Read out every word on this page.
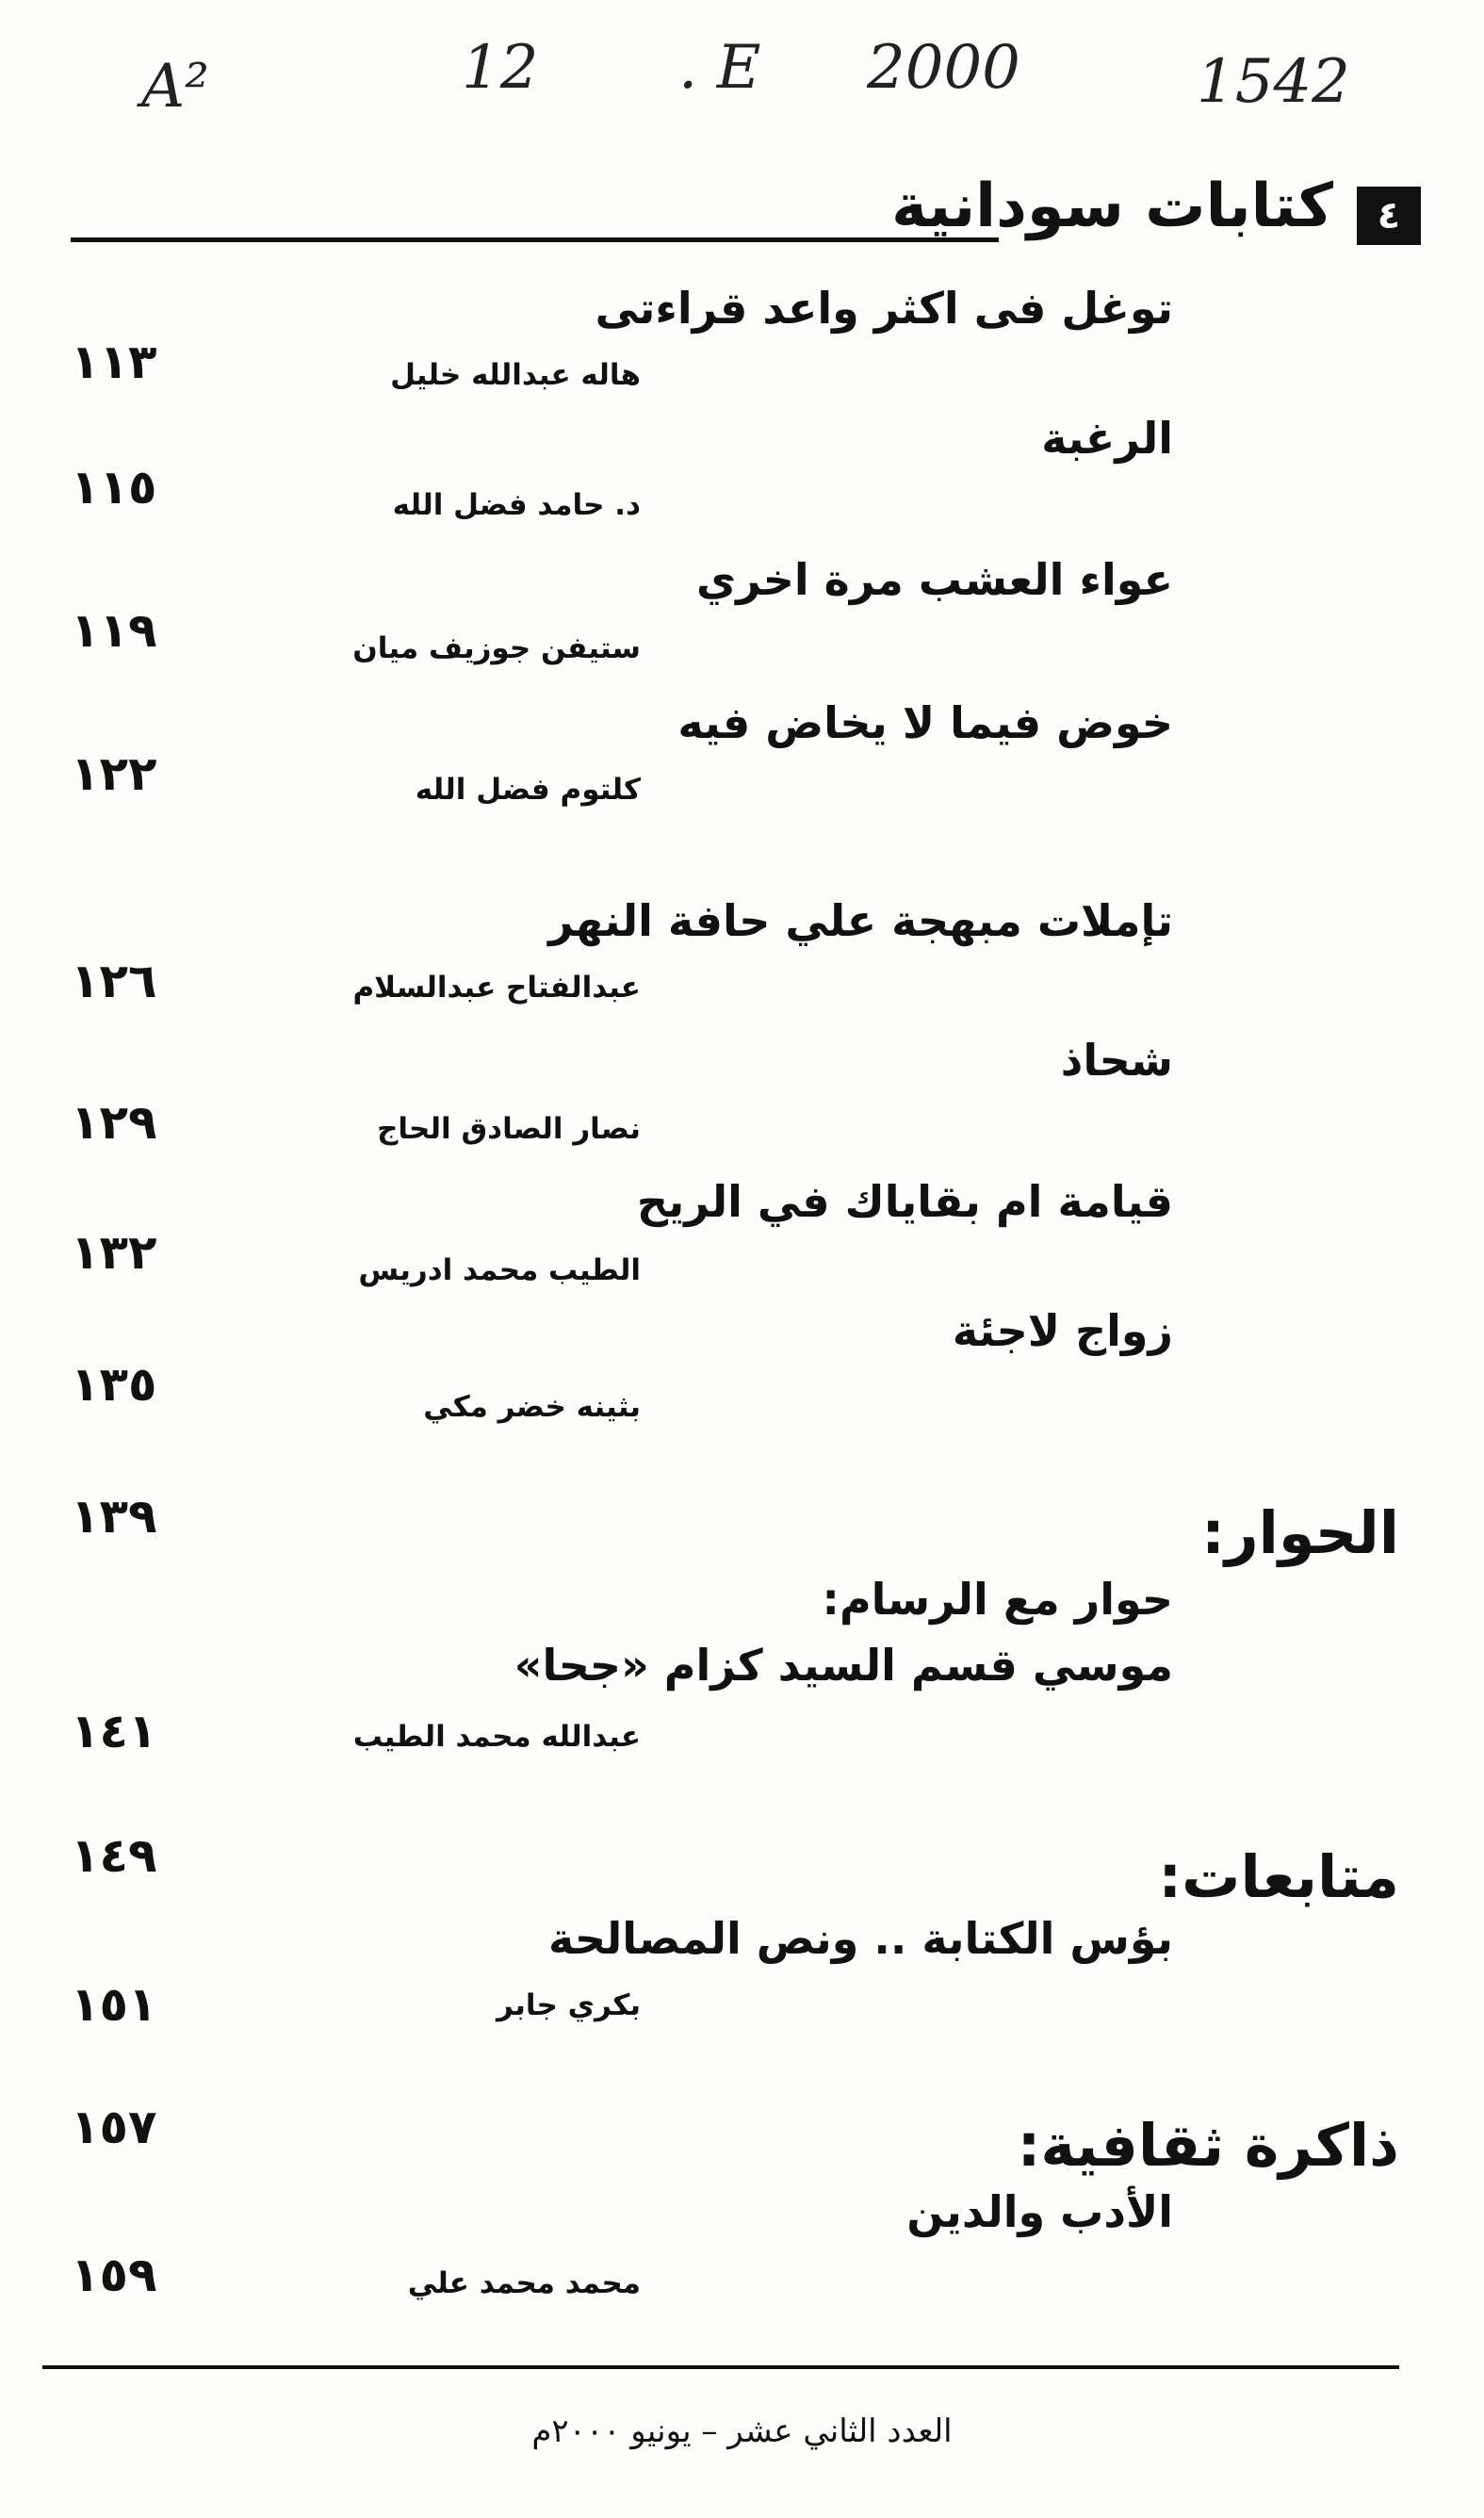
A²	12 . E 2000	1542
كتابات سودانية	٤
توغل فى اكثر واعد قراءتى
١١٣	هاله عبدالله خليل
الرغبة
١١٥	د. حامد فضل الله
عواء العشب مرة اخري
١١٩	ستيفن جوزيف ميان
خوض فيما لا يخاض فيه
١٢٢	كلتوم فضل الله
تإملات مبهجة علي حافة النهر
١٢٦	عبدالفتاح عبدالسلام
شحاذ
١٢٩	نصار الصادق الحاج
قيامة ام بقاياك في الريح
١٣٢	الطيب محمد ادريس
زواج لاجئة
١٣٥	بثينه خضر مكي
١٣٩	الحوار:
حوار مع الرسام:
موسي قسم السيد كزام «جحا»
١٤١	عبدالله محمد الطيب
١٤٩	متابعات:
بؤس الكتابة .. ونص المصالحة
١٥١	بكري جابر
١٥٧	ذاكرة ثقافية:
الأدب والدين
١٥٩	محمد محمد علي
العدد الثاني عشر – يونيو ٢٠٠٠م
